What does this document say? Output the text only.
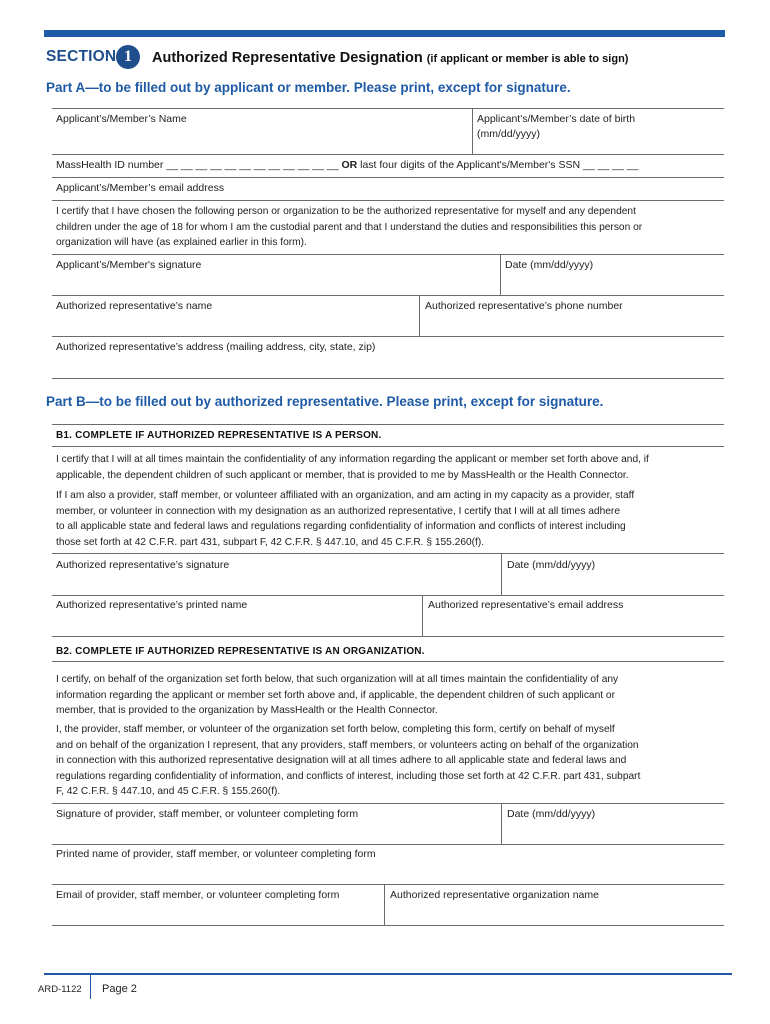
SECTION 1	Authorized Representative Designation (if applicant or member is able to sign)
Part A—to be filled out by applicant or member. Please print, except for signature.
Applicant’s/Member’s Name	Applicant's/Member’s date of birth
(mm/dd/yyyy)
MassHealth ID number __ __ __ __ __ __ __ __ __ __ __ __ OR last four digits of the Applicant's/Member's SSN __ __ __ __
Applicant’s/Member’s email address
I certify that I have chosen the following person or organization to be the authorized representative for myself and any dependent
children under the age of 18 for whom I am the custodial parent and that I understand the duties and responsibilities this person or
organization will have (as explained earlier in this form).
Applicant’s/Member's signature	Date (mm/dd/yyyy)
Authorized representative’s name	Authorized representative’s phone number
Authorized representative’s address (mailing address, city, state, zip)
Part B—to be filled out by authorized representative. Please print, except for signature.
B1. COMPLETE IF AUTHORIZED REPRESENTATIVE IS A PERSON.
I certify that I will at all times maintain the confidentiality of any information regarding the applicant or member set forth above and, if
applicable, the dependent children of such applicant or member, that is provided to me by MassHealth or the Health Connector.
If I am also a provider, staff member, or volunteer affiliated with an organization, and am acting in my capacity as a provider, staff
member, or volunteer in connection with my designation as an authorized representative, I certify that I will at all times adhere
to all applicable state and federal laws and regulations regarding confidentiality of information and conflicts of interest including
those set forth at 42 C.F.R. part 431, subpart F, 42 C.F.R. § 447.10, and 45 C.F.R. § 155.260(f).
Authorized representative’s signature	Date (mm/dd/yyyy)
Authorized representative’s printed name	Authorized representative’s email address
B2. COMPLETE IF AUTHORIZED REPRESENTATIVE IS AN ORGANIZATION.
I certify, on behalf of the organization set forth below, that such organization will at all times maintain the confidentiality of any
information regarding the applicant or member set forth above and, if applicable, the dependent children of such applicant or
member, that is provided to the organization by MassHealth or the Health Connector.
I, the provider, staff member, or volunteer of the organization set forth below, completing this form, certify on behalf of myself
and on behalf of the organization I represent, that any providers, staff members, or volunteers acting on behalf of the organization
in connection with this authorized representative designation will at all times adhere to all applicable state and federal laws and
regulations regarding confidentiality of information, and conflicts of interest, including those set forth at 42 C.F.R. part 431, subpart
F, 42 C.F.R. § 447.10, and 45 C.F.R. § 155.260(f).
Signature of provider, staff member, or volunteer completing form	Date (mm/dd/yyyy)
Printed name of provider, staff member, or volunteer completing form
Email of provider, staff member, or volunteer completing form	Authorized representative organization name
ARD-1122 Page 2
